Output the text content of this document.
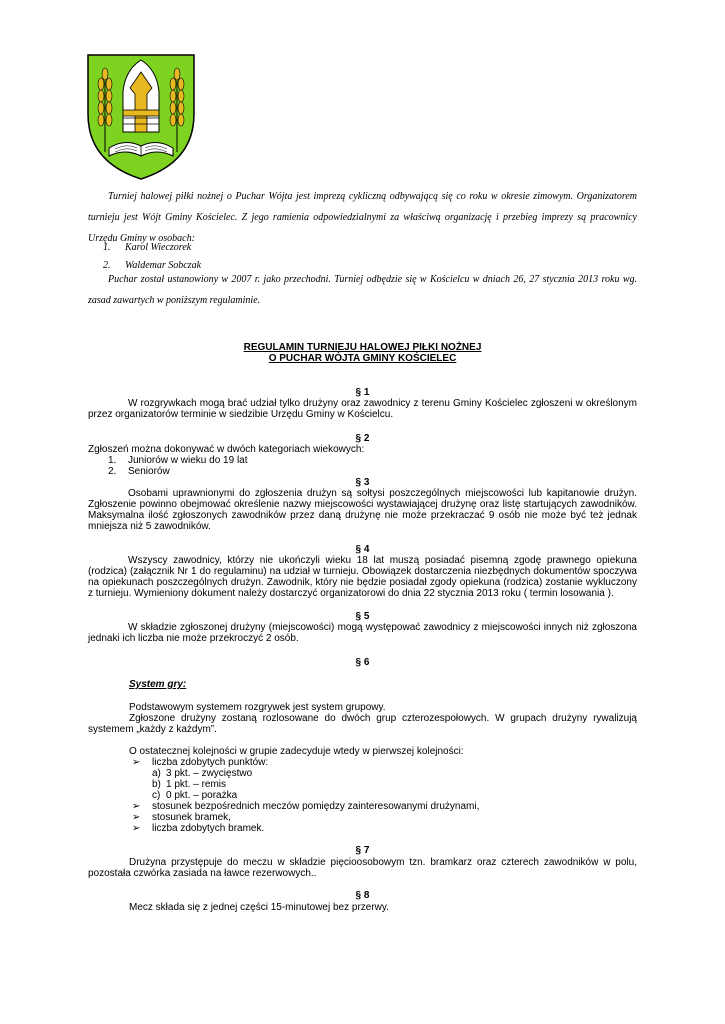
Turniej halowej piłki nożnej o Puchar Wójta jest imprezą cykliczną odbywającą się co roku w okresie zimowym. Organizatorem turnieju jest Wójt Gminy Kościelec. Z jego ramienia odpowiedzialnymi za właściwą organizację i przebieg imprezy są pracownicy Urzędu Gminy w osobach:

1. Karol Wieczorek
2. Waldemar Sobczak

Puchar został ustanowiony w 2007 r. jako przechodni. Turniej odbędzie się w Kościelcu w dniach 26, 27 stycznia 2013 roku wg. zasad zawartych w poniższym regulaminie.

REGULAMIN TURNIEJU HALOWEJ PIŁKI NOŻNEJ
O PUCHAR WÓJTA GMINY KOŚCIELEC
§ 1

W rozgrywkach mogą brać udział tylko drużyny oraz zawodnicy z terenu Gminy Kościelec zgłoszeni w określonym przez organizatorów terminie w siedzibie Urzędu Gminy w Kościelcu.

§ 2

Zgłoszeń można dokonywać w dwóch kategoriach wiekowych:

1. Juniorów w wieku do 19 lat
2. Seniorów
§ 3

Osobami uprawnionymi do zgłoszenia drużyn są sołtysi poszczególnych miejscowości lub kapitanowie drużyn. Zgłoszenie powinno obejmować określenie nazwy miejscowości wystawiającej drużynę oraz listę startujących zawodników. Maksymalna ilość zgłoszonych zawodników przez daną drużynę nie może przekraczać 9 osób nie może być też jednak mniejsza niż 5 zawodników.

§ 4

Wszyscy zawodnicy, którzy nie ukończyli wieku 18 lat muszą posiadać pisemną zgodę prawnego opiekuna (rodzica) (załącznik Nr 1 do regulaminu) na udział w turnieju. Obowiązek dostarczenia niezbędnych dokumentów spoczywa na opiekunach poszczególnych drużyn. Zawodnik, który nie będzie posiadał zgody opiekuna (rodzica) zostanie wykluczony z turnieju. Wymieniony dokument należy dostarczyć organizatorowi do dnia 22 stycznia 2013 roku ( termin losowania ).

§ 5

W składzie zgłoszonej drużyny (miejscowości) mogą występować zawodnicy z miejscowości innych niż zgłoszona jednaki ich liczba nie może przekroczyć 2 osób.

§ 6
System gry:

Podstawowym systemem rozgrywek jest system grupowy.

Zgłoszone drużyny zostaną rozlosowane do dwóch grup czterozespołowych. W grupach drużyny rywalizują systemem „każdy z każdym”.

O ostatecznej kolejności w grupie zadecyduje wtedy w pierwszej kolejności:

➢ liczba zdobytych punktów:
a) 3 pkt. – zwycięstwo
b) 1 pkt. – remis
c) 0 pkt. – porażka
➢ stosunek bezpośrednich meczów pomiędzy zainteresowanymi drużynami,
➢ stosunek bramek,
➢ liczba zdobytych bramek.
§ 7

Drużyna przystępuje do meczu w składzie pięcioosobowym tzn. bramkarz oraz czterech zawodników w polu, pozostała czwórka zasiada na ławce rezerwowych..

§ 8

Mecz składa się z jednej części 15-minutowej bez przerwy.
